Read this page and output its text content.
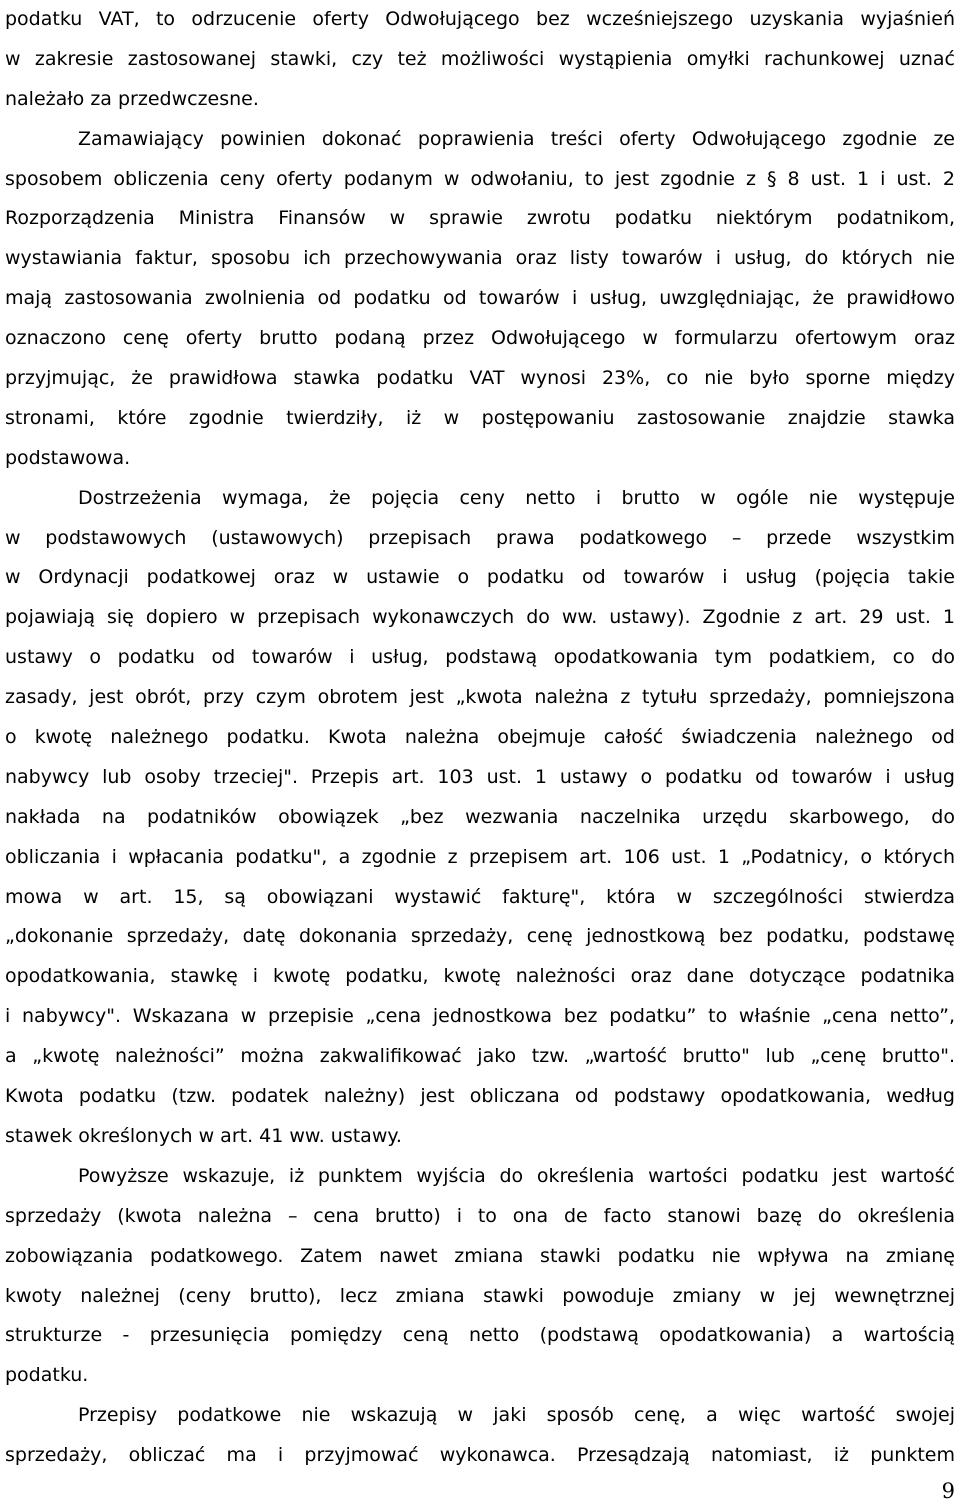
podatku VAT, to odrzucenie oferty Odwołującego bez wcześniejszego uzyskania wyjaśnień
w zakresie zastosowanej stawki, czy też możliwości wystąpienia omyłki rachunkowej uznać
należało za przedwczesne.
Zamawiający powinien dokonać poprawienia treści oferty Odwołującego zgodnie ze
sposobem obliczenia ceny oferty podanym w odwołaniu, to jest zgodnie z § 8 ust. 1 i ust. 2
Rozporządzenia Ministra Finansów w sprawie zwrotu podatku niektórym podatnikom,
wystawiania faktur, sposobu ich przechowywania oraz listy towarów i usług, do których nie
mają zastosowania zwolnienia od podatku od towarów i usług, uwzględniając, że prawidłowo
oznaczono cenę oferty brutto podaną przez Odwołującego w formularzu ofertowym oraz
przyjmując, że prawidłowa stawka podatku VAT wynosi 23%, co nie było sporne między
stronami, które zgodnie twierdziły, iż w postępowaniu zastosowanie znajdzie stawka
podstawowa.
Dostrzeżenia wymaga, że pojęcia ceny netto i brutto w ogóle nie występuje
w podstawowych (ustawowych) przepisach prawa podatkowego – przede wszystkim
w Ordynacji podatkowej oraz w ustawie o podatku od towarów i usług (pojęcia takie
pojawiają się dopiero w przepisach wykonawczych do ww. ustawy). Zgodnie z art. 29 ust. 1
ustawy o podatku od towarów i usług, podstawą opodatkowania tym podatkiem, co do
zasady, jest obrót, przy czym obrotem jest „kwota należna z tytułu sprzedaży, pomniejszona
o kwotę należnego podatku. Kwota należna obejmuje całość świadczenia należnego od
nabywcy lub osoby trzeciej". Przepis art. 103 ust. 1 ustawy o podatku od towarów i usług
nakłada na podatników obowiązek „bez wezwania naczelnika urzędu skarbowego, do
obliczania i wpłacania podatku", a zgodnie z przepisem art. 106 ust. 1 „Podatnicy, o których
mowa w art. 15, są obowiązani wystawić fakturę", która w szczególności stwierdza
„dokonanie sprzedaży, datę dokonania sprzedaży, cenę jednostkową bez podatku, podstawę
opodatkowania, stawkę i kwotę podatku, kwotę należności oraz dane dotyczące podatnika
i nabywcy". Wskazana w przepisie „cena jednostkowa bez podatku” to właśnie „cena netto”,
a „kwotę należności” można zakwalifikować jako tzw. „wartość brutto" lub „cenę brutto".
Kwota podatku (tzw. podatek należny) jest obliczana od podstawy opodatkowania, według
stawek określonych w art. 41 ww. ustawy.
Powyższe wskazuje, iż punktem wyjścia do określenia wartości podatku jest wartość
sprzedaży (kwota należna – cena brutto) i to ona de facto stanowi bazę do określenia
zobowiązania podatkowego. Zatem nawet zmiana stawki podatku nie wpływa na zmianę
kwoty należnej (ceny brutto), lecz zmiana stawki powoduje zmiany w jej wewnętrznej
strukturze - przesunięcia pomiędzy ceną netto (podstawą opodatkowania) a wartością
podatku.
Przepisy podatkowe nie wskazują w jaki sposób cenę, a więc wartość swojej
sprzedaży, obliczać ma i przyjmować wykonawca. Przesądzają natomiast, iż punktem
9
